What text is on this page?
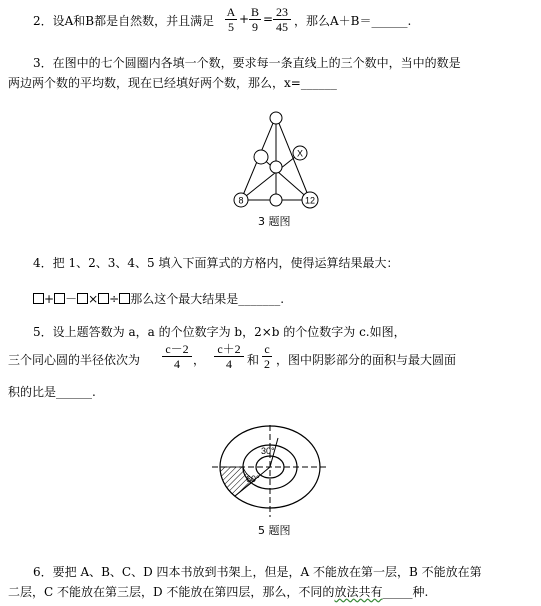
2．设A和B都是自然数，并且满足
A
5
+ B
9
= 23
45 ，那么A＋B＝______.
3．在图中的七个圆圈内各填一个数，要求每一条直线上的三个数中，当中的数是
两边两个数的平均数，现在已经填好两个数，那么，x=______
X
8	12
3 题图
4．把 1、2、3、4、5 填入下面算式的方格内，使得运算结果最大：
+ － × ÷ 那么这个最大结果是_______.
5．设上题答数为 a，a 的个位数字为 b，2×b 的个位数字为 c.如图，
三个同心圆的半径依次为
c－2
4	，
c＋2
4	和
c
2 ，图中阴影部分的面积与最大圆面
积的比是______.
30°
60°
5 题图
6．要把 A、B、C、D 四本书放到书架上，但是，A 不能放在第一层，B 不能放在第
二层，C 不能放在第三层，D 不能放在第四层，那么，不同的放法共有_____种.
